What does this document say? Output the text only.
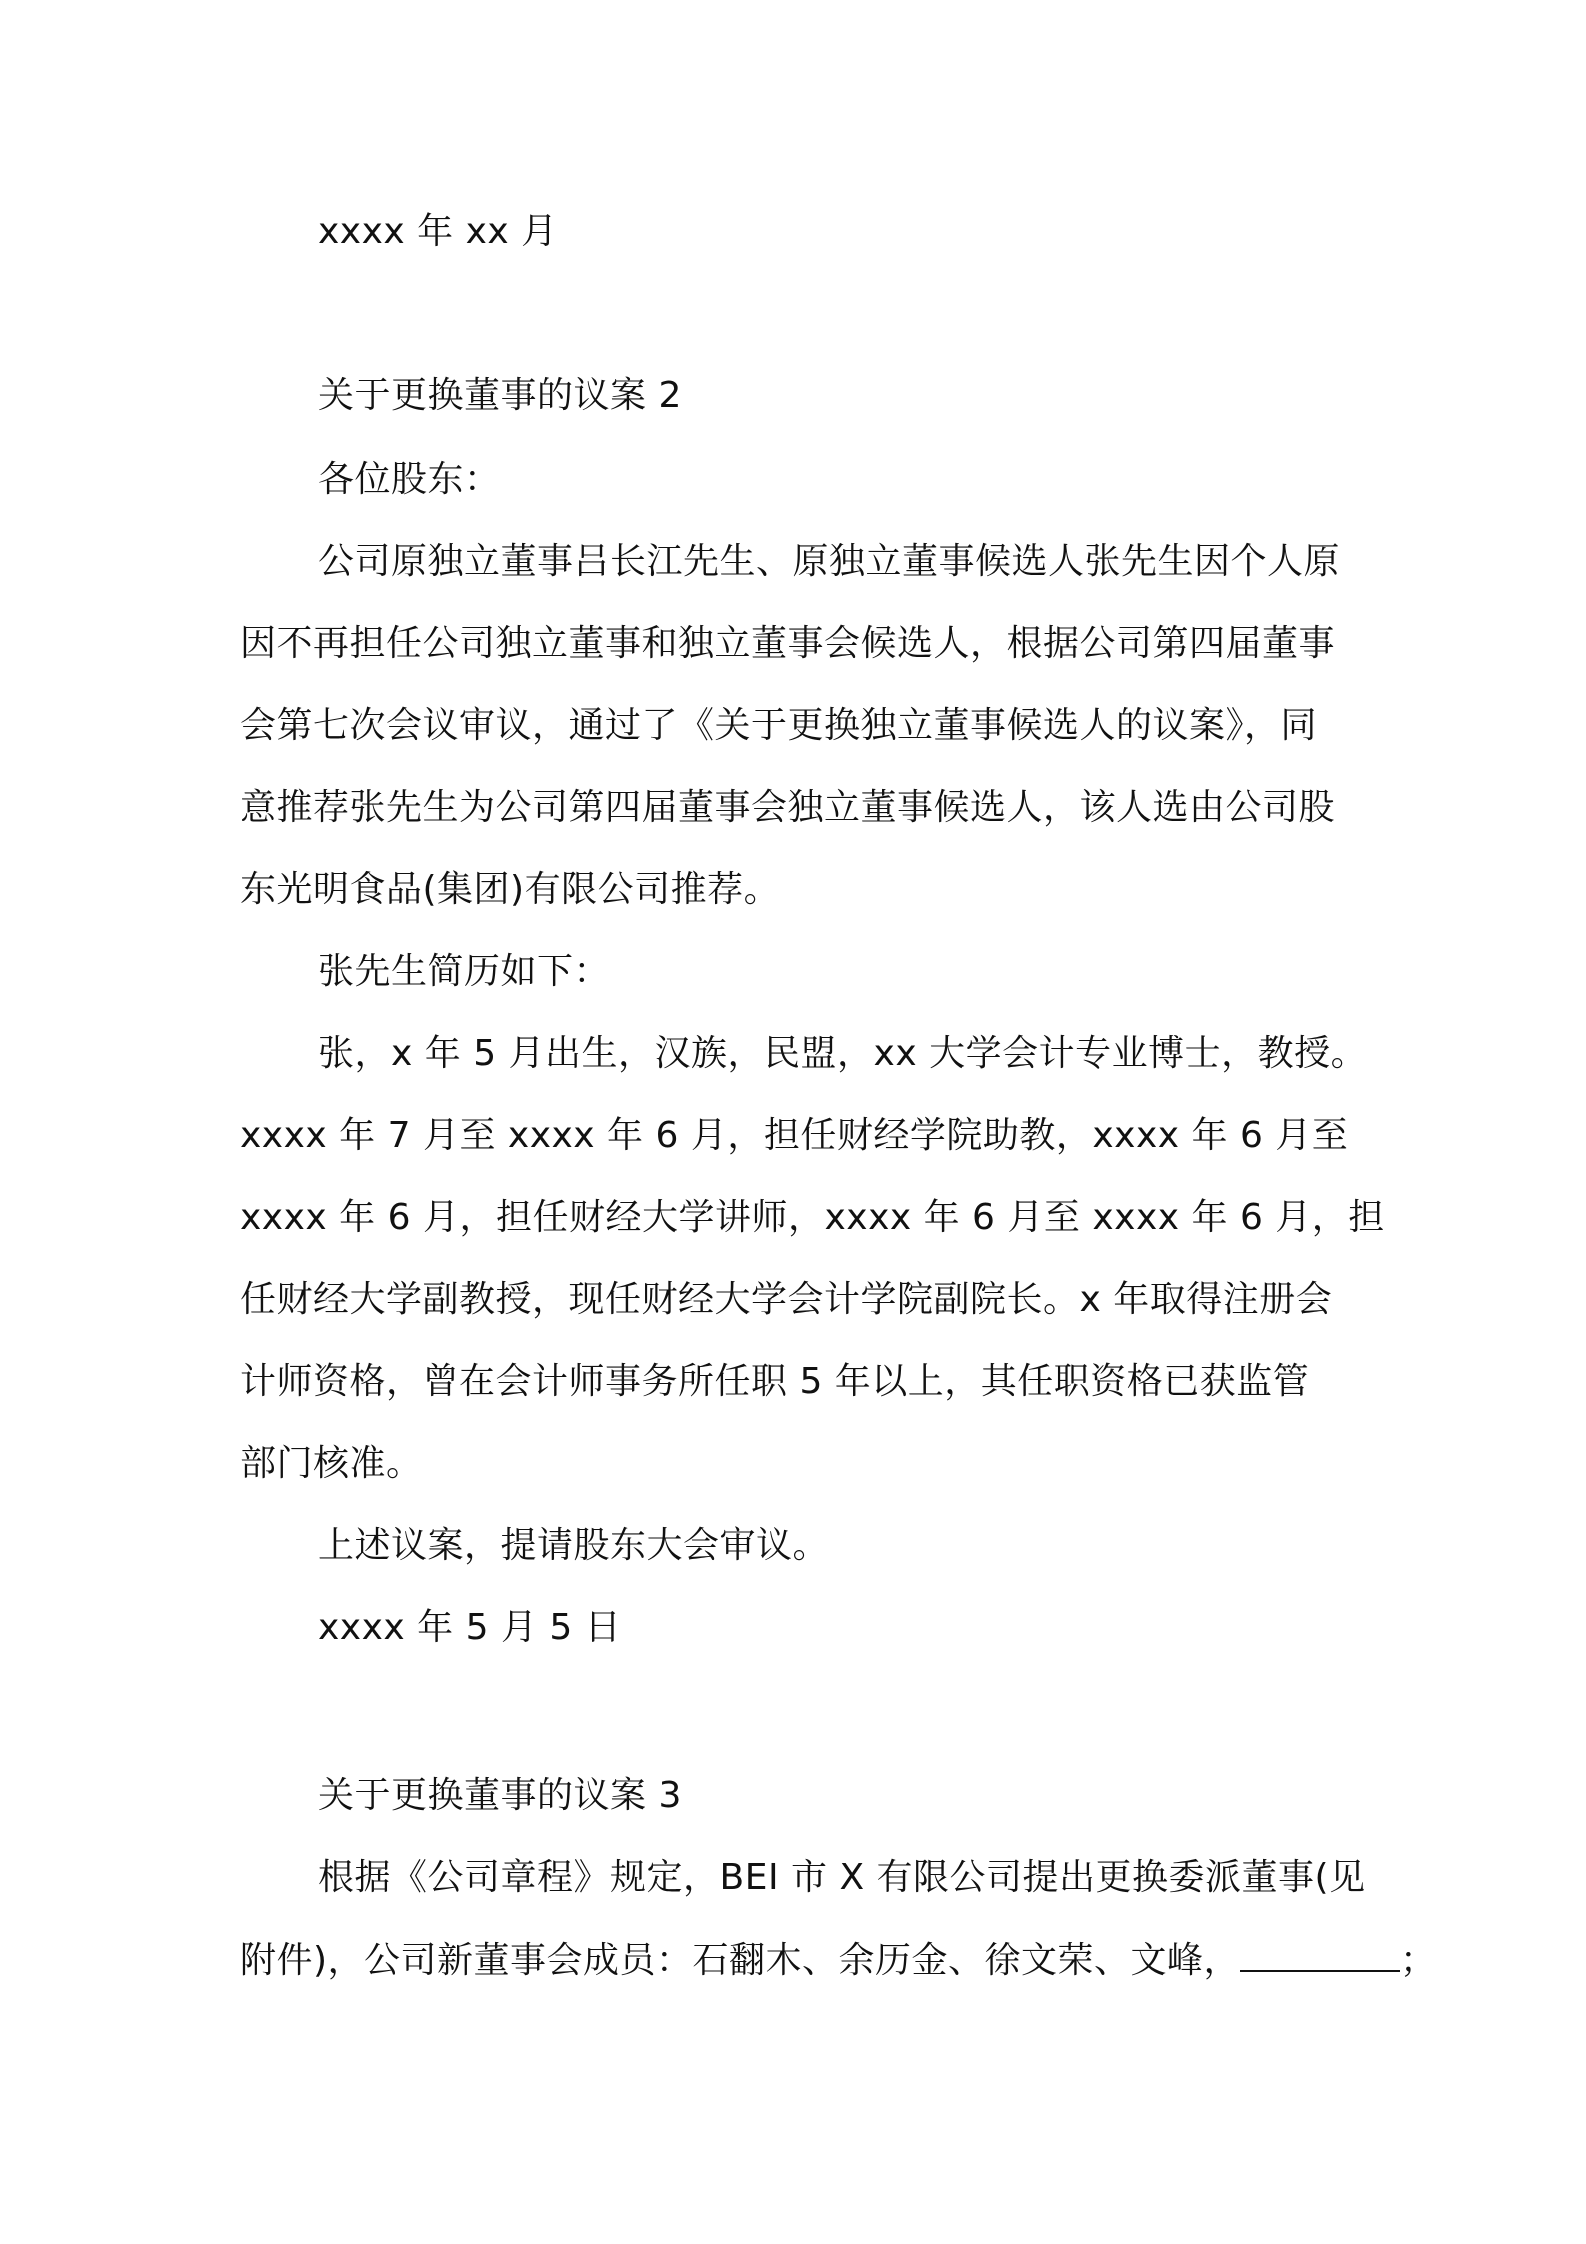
xxxx 年 xx 月
关于更换董事的议案 2
各位股东：
公司原独立董事吕长江先生、原独立董事候选人张先生因个人原
因不再担任公司独立董事和独立董事会候选人，根据公司第四届董事
会第七次会议审议，通过了《关于更换独立董事候选人的议案》，同
意推荐张先生为公司第四届董事会独立董事候选人，该人选由公司股
东光明食品(集团)有限公司推荐。
张先生简历如下：
张，x 年 5 月出生，汉族，民盟，xx 大学会计专业博士，教授。
xxxx 年 7 月至 xxxx 年 6 月，担任财经学院助教，xxxx 年 6 月至
xxxx 年 6 月，担任财经大学讲师，xxxx 年 6 月至 xxxx 年 6 月，担
任财经大学副教授，现任财经大学会计学院副院长。x 年取得注册会
计师资格，曾在会计师事务所任职 5 年以上，其任职资格已获监管
部门核准。
上述议案，提请股东大会审议。
xxxx 年 5 月 5 日
关于更换董事的议案 3
根据《公司章程》规定，BEI 市 X 有限公司提出更换委派董事(见
附件)，公司新董事会成员：石翻木、余历金、徐文荣、文峰，	；
